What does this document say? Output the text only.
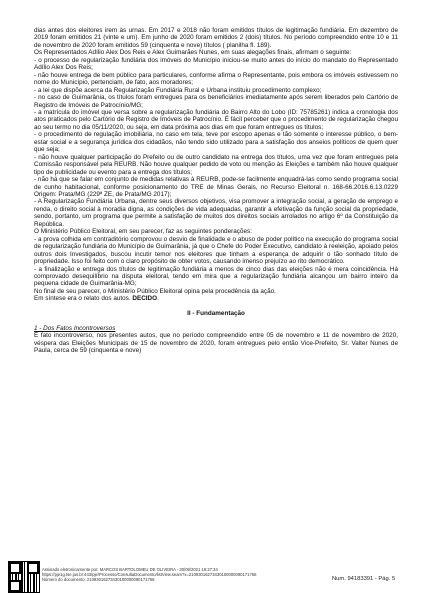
dias antes dos eleitores irem às urnas. Em 2017 e 2018 não foram emitidos títulos de legitimação fundiária. Em dezembro de 2019 foram emitidos 21 (vinte e um). Em junho de 2020 foram emitidos 2 (dois) títulos. No período compreendido entre 10 e 11 de novembro de 2020 foram emitidos 59 (cinquenta e nove) títulos ( planilha fl. 189).

Os Representados Adílio Alex Dos Reis e Alex Guimarães Nunes, em suas alegações finais, afirmam o seguinte:

- o processo de regularização fundiária dos imóveis do Município iniciou-se muito antes do início do mandato do Representado Adílio Alex Dos Reis;

- não houve entrega de bem público para particulares, conforme afirma o Representante, pois embora os imóveis estivessem no nome do Município, pertenciam, de fato, aos moradores;

- a lei que dispõe acerca da Regularização Fundiária Rural e Urbana instituiu procedimento complexo;

- no caso de Guimarânia, os títulos foram entregues para os beneficiários imediatamente após serem liberados pelo Cartório de Registro de Imóveis de Patrocínio/MG;

- a matrícula do imóvel que versa sobre a regularização fundiária do Bairro Alto do Lobo (ID: 75785261) indica a cronologia dos atos praticados pelo Cartório de Registro de Imóveis de Patrocínio. É fácil perceber que o procedimento de regularização chegou ao seu termo no dia 05/11/2020, ou seja, em data próxima aos dias em que foram entregues os títulos;

- o procedimento de regulação imobiliária, no caso em tela, teve por escopo apenas e tão somente o interesse público, o bem-estar social e a segurança jurídica dos cidadãos, não tendo sido utilizado para a satisfação dos anseios políticos de quem quer que seja;

- não houve qualquer participação do Prefeito ou de outro candidato na entrega dos títulos, uma vez que foram entregues pela Comissão responsável pela REURB. Não houve qualquer pedido de voto ou menção às Eleições e também não houve qualquer tipo de publicidade ou evento para a entrega dos títulos;

- não há que se falar em conjunto de medidas relativas à REURB, pode-se facilmente enquadrá-las como sendo programa social de cunho habitacional, conforme posicionamento do TRE de Minas Gerais, no Recurso Eleitoral n. 168-66.2016.6.13.0229 Origem: Prata/MG (229ª ZE, de Prata/MG 2017);

- A Regularização Fundiária Urbana, dentre seus diversos objetivos, visa promover a integração social, a geração de emprego e renda, o direito social à moradia digna, as condições de vida adequadas, garantir a efetivação da função social da propriedade, sendo, portanto, um programa que permite a satisfação de muitos dos direitos sociais arrolados no artigo 6º da Constituição da República.

O Ministério Público Eleitoral, em seu parecer, faz as seguintes ponderações:

- a prova colhida em contraditório comprovou o desvio de finalidade e o abuso de poder político na execução do programa social de regularização fundiária do Município de Guimarânia, já que o Chefe do Poder Executivo, candidato à reeleição, apoiado pelos outros dois Investigados, buscou incutir temor nos eleitores que tinham a esperança de adquirir o tão sonhado título de propriedade. Isso foi feito com o claro propósito de obter votos, causando imenso prejuízo ao rito democrático.

- a finalização e entrega dos títulos de legitimação fundiária a menos de cinco dias das eleições não é mera coincidência. Há comprovado desequilíbrio na disputa eleitoral, tendo em mira que a regularização fundiária alcançou um bairro inteiro da pequena cidade de Guimarânia-MG;

No final de seu parecer, o Ministério Público Eleitoral opina pela procedência da ação.

Em síntese era o relato dos autos. DECIDO.

II - Fundamentação

1 - Dos Fatos Incontroversos

É fato incontroverso, nos presentes autos, que no período compreendido entre 05 de novembro e 11 de novembro de 2020, véspera das Eleições Municipais de 15 de novembro de 2020, foram entregues pelo então Vice-Prefeito, Sr. Valter Nunes de Paula, cerca de 59 (cinquenta e nove)

Assinado eletronicamente por: MARCOS BARTOLOMEU DE OLIVEIRA - 30/09/2021 16:27:34
https://pje1g.tse.jus.br:443/pje/Processo/ConsultaDocumento/listView.seam?x=21093016273430100000090171768
Número do documento: 21093016273430100000090171768	Num. 94183391 - Pág. 5
